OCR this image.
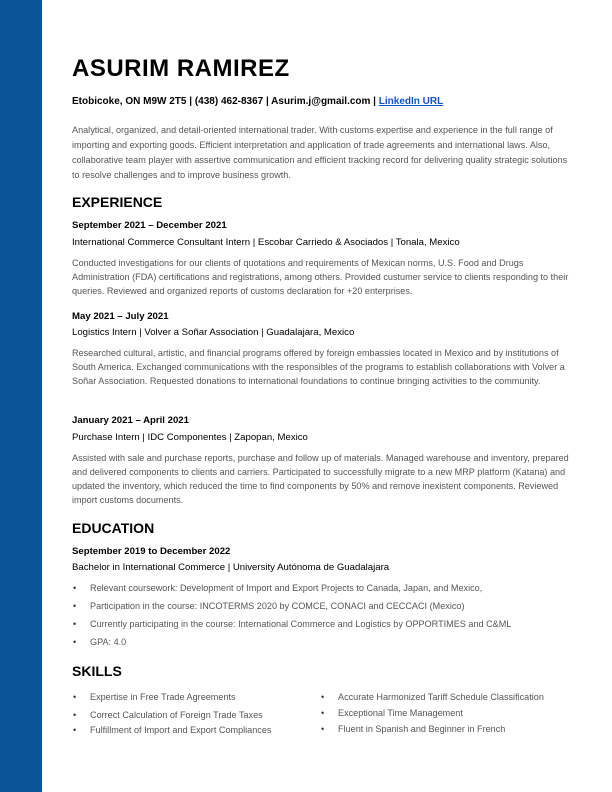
ASURIM RAMIREZ
Etobicoke, ON M9W 2T5 | (438) 462-8367 | Asurim.j@gmail.com | LinkedIn URL

Analytical, organized, and detail-oriented international trader. With customs expertise and experience in the full range of importing and exporting goods. Efficient interpretation and application of trade agreements and international laws. Also, collaborative team player with assertive communication and efficient tracking record for delivering quality strategic solutions to resolve challenges and to improve business growth.

EXPERIENCE
September 2021 – December 2021
International Commerce Consultant Intern | Escobar Carriedo & Asociados | Tonala, Mexico

Conducted investigations for our clients of quotations and requirements of Mexican norms, U.S. Food and Drugs Administration (FDA) certifications and registrations, among others. Provided custumer service to clients responding to their queries. Reviewed and organized reports of customs declaration for +20 enterprises.

May 2021 – July 2021
Logistics Intern | Volver a Soñar Association | Guadalajara, Mexico

Researched cultural, artistic, and financial programs offered by foreign embassies located in Mexico and by institutions of South America. Exchanged communications with the responsibles of the programs to establish collaborations with Volver a Soñar Association. Requested donations to international foundations to continue bringing activities to the community.

January 2021 – April 2021
Purchase Intern | IDC Componentes | Zapopan, Mexico

Assisted with sale and purchase reports, purchase and follow up of materials. Managed warehouse and inventory, prepared and delivered components to clients and carriers. Participated to successfully migrate to a new MRP platform (Katana) and updated the inventory, which reduced the time to find components by 50% and remove inexistent components. Reviewed import customs documents.

EDUCATION
September 2019 to December 2022
Bachelor in International Commerce | University Autónoma de Guadalajara
• Relevant coursework: Development of Import and Export Projects to Canada, Japan, and Mexico,
• Participation in the course: INCOTERMS 2020 by COMCE, CONACI and CECCACI (Mexico)
• Currently participating in the course: International Commerce and Logistics by OPPORTIMES and C&ML
• GPA: 4.0
SKILLS
• Expertise in Free Trade Agreements
• Correct Calculation of Foreign Trade Taxes
• Fulfillment of Import and Export Compliances
• Accurate Harmonized Tariff Schedule Classification
• Exceptional Time Management
• Fluent in Spanish and Beginner in French
